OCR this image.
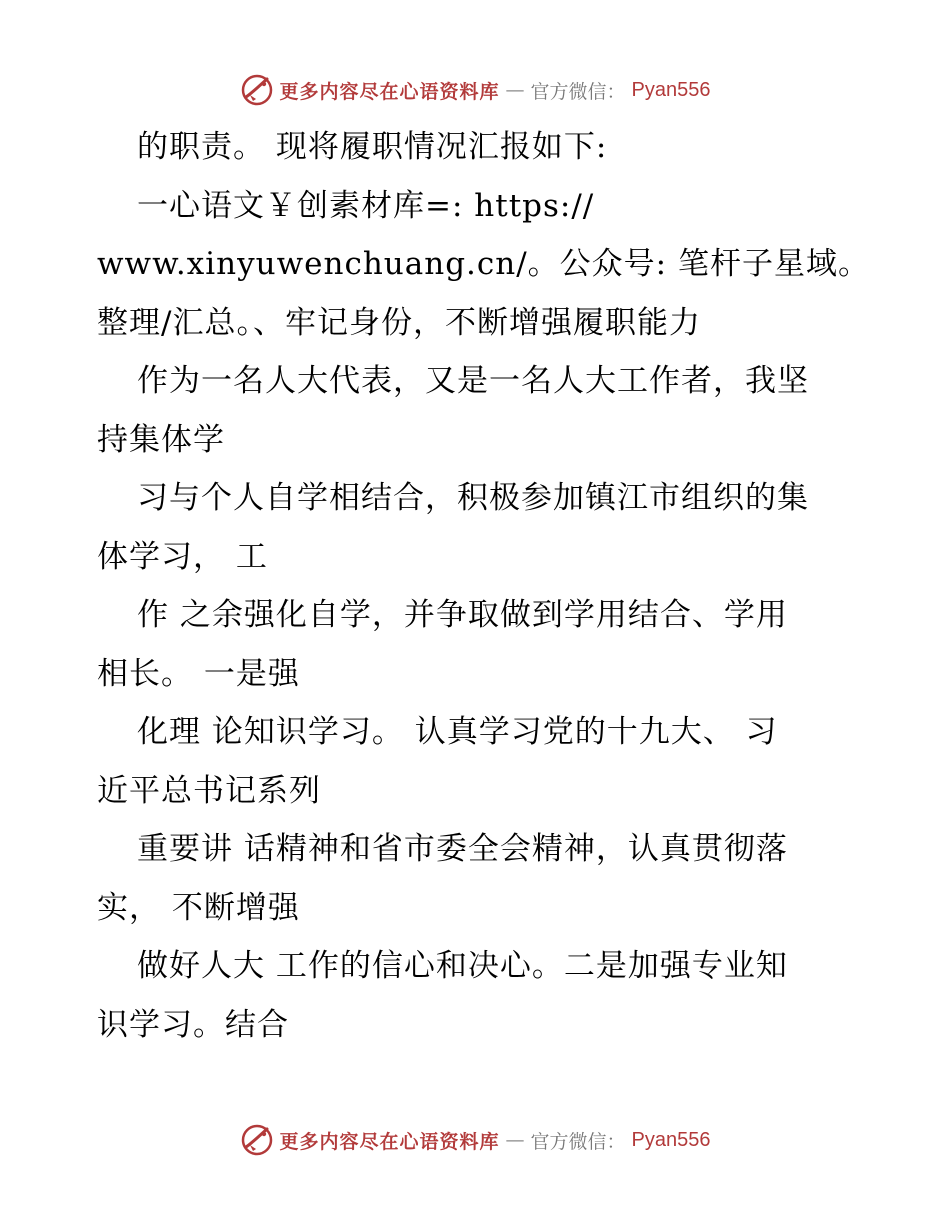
更多内容尽在心语资料库 — 官方微信： Pyan556
的职责。 现将履职情况汇报如下:
一心语文￥创素材库=: https://
www.xinyuwenchuang.cn/。公众号: 笔杆子星域。
整理/汇总。、牢记身份，不断增强履职能力
作为一名人大代表，又是一名人大工作者，我坚
持集体学
习与个人自学相结合，积极参加镇江市组织的集
体学习， 工
作 之余强化自学，并争取做到学用结合、学用
相长。 一是强
化理 论知识学习。 认真学习党的十九大、 习
近平总书记系列
重要讲 话精神和省市委全会精神，认真贯彻落
实， 不断增强
做好人大 工作的信心和决心。二是加强专业知
识学习。结合
更多内容尽在心语资料库 — 官方微信： Pyan556
